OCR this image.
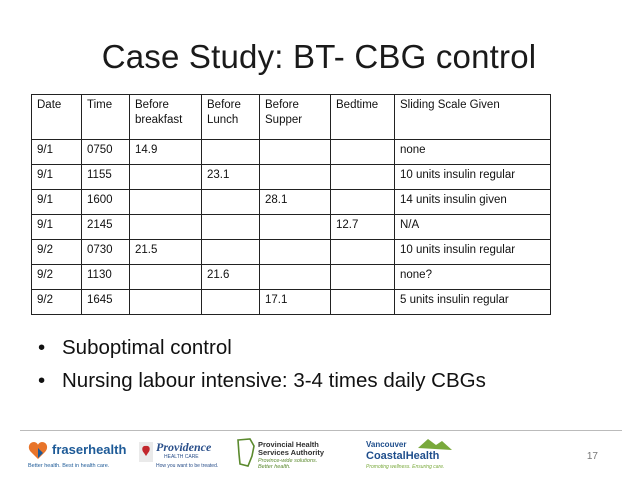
Case Study: BT- CBG control
Date	Time	Before breakfast	Before Lunch	Before Supper	Bedtime	Sliding Scale Given
9/1	0750	14.9				none
9/1	1155		23.1			10 units insulin regular
9/1	1600			28.1		14 units insulin given
9/1	2145				12.7	N/A
9/2	0730	21.5				10 units insulin regular
9/2	1130		21.6			none?
9/2	1645			17.1		5 units insulin regular
• Suboptimal control
• Nursing labour intensive: 3-4 times daily CBGs
fraserhealth
Better health. Best in health care.
Providence
HEALTH CARE
How you want to be treated.
Provincial Health
Services Authority
Province-wide solutions.
Better health.
Vancouver
CoastalHealth
Promoting wellness. Ensuring care.
17
